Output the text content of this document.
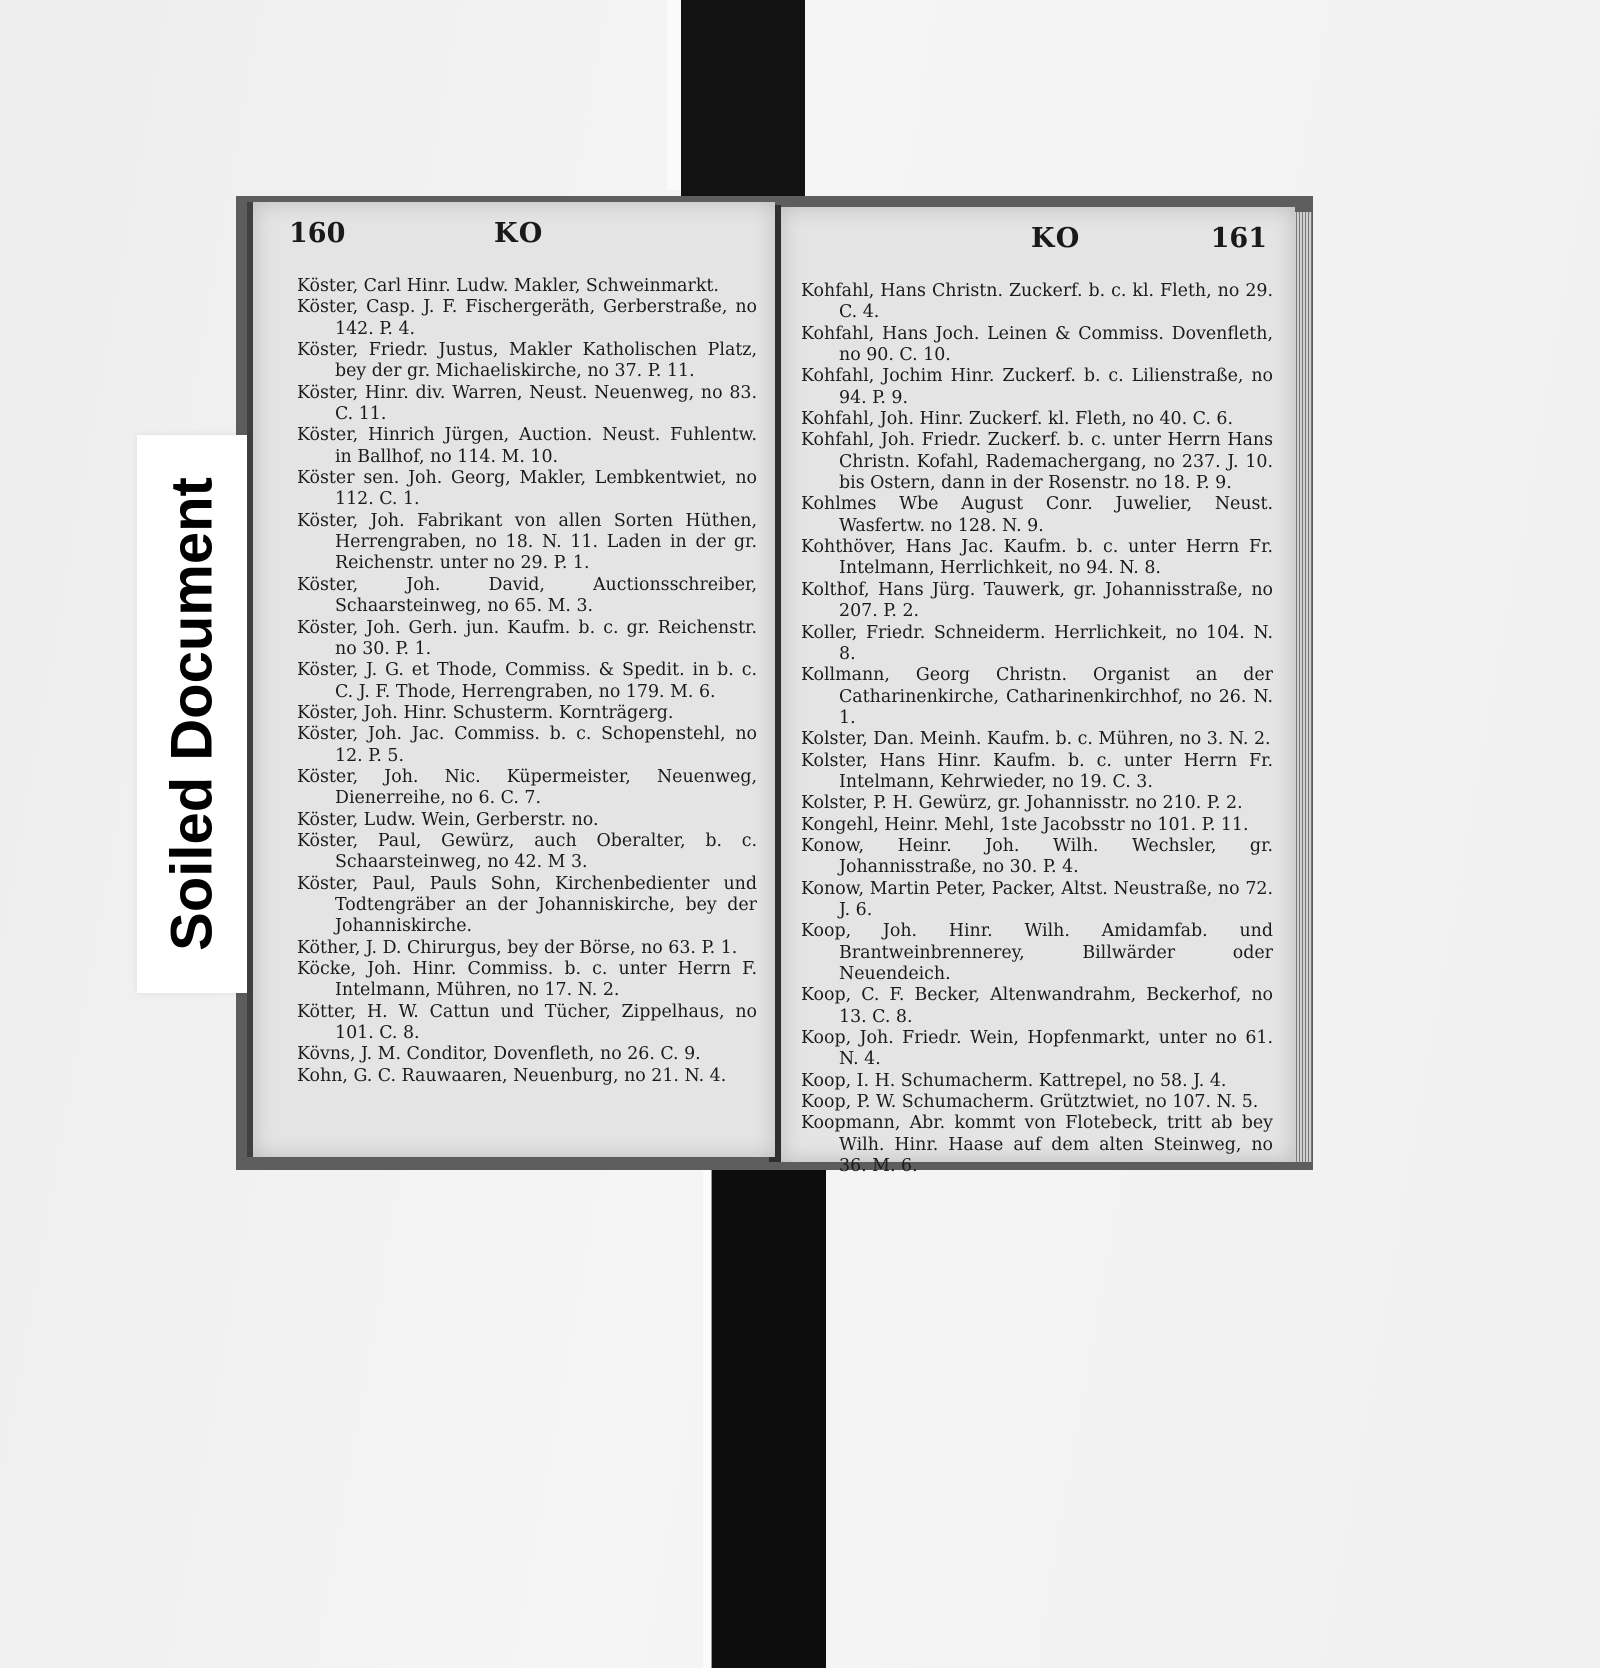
160	KO

Köster, Carl Hinr. Ludw. Makler, Schweinmarkt.

Köster, Casp. J. F. Fischergeräth, Gerberstraße, no 142. P. 4.

Köster, Friedr. Justus, Makler Katholischen Platz, bey der gr. Michaeliskirche, no 37. P. 11.

Köster, Hinr. div. Warren, Neust. Neuenweg, no 83. C. 11.

Köster, Hinrich Jürgen, Auction. Neust. Fuhlentw. in Ballhof, no 114. M. 10.

Köster sen. Joh. Georg, Makler, Lembkentwiet, no 112. C. 1.

Köster, Joh. Fabrikant von allen Sorten Hüthen, Herrengraben, no 18. N. 11. Laden in der gr. Reichenstr. unter no 29. P. 1.

Köster, Joh. David, Auctionsschreiber, Schaarsteinweg, no 65. M. 3.

Köster, Joh. Gerh. jun. Kaufm. b. c. gr. Reichenstr. no 30. P. 1.

Köster, J. G. et Thode, Commiss. & Spedit. in b. c. C. J. F. Thode, Herrengraben, no 179. M. 6.

Köster, Joh. Hinr. Schusterm. Kornträgerg.

Köster, Joh. Jac. Commiss. b. c. Schopenstehl, no 12. P. 5.

Köster, Joh. Nic. Küpermeister, Neuenweg, Dienerreihe, no 6. C. 7.

Köster, Ludw. Wein, Gerberstr. no.

Köster, Paul, Gewürz, auch Oberalter, b. c. Schaarsteinweg, no 42. M 3.

Köster, Paul, Pauls Sohn, Kirchenbedienter und Todtengräber an der Johanniskirche, bey der Johanniskirche.

Köther, J. D. Chirurgus, bey der Börse, no 63. P. 1.

Köcke, Joh. Hinr. Commiss. b. c. unter Herrn F. Intelmann, Mühren, no 17. N. 2.

Kötter, H. W. Cattun und Tücher, Zippelhaus, no 101. C. 8.

Kövns, J. M. Conditor, Dovenfleth, no 26. C. 9.

Kohn, G. C. Rauwaaren, Neuenburg, no 21. N. 4.

KO	161

Kohfahl, Hans Christn. Zuckerf. b. c. kl. Fleth, no 29. C. 4.

Kohfahl, Hans Joch. Leinen & Commiss. Dovenfleth, no 90. C. 10.

Kohfahl, Jochim Hinr. Zuckerf. b. c. Lilienstraße, no 94. P. 9.

Kohfahl, Joh. Hinr. Zuckerf. kl. Fleth, no 40. C. 6.

Kohfahl, Joh. Friedr. Zuckerf. b. c. unter Herrn Hans Christn. Kofahl, Rademachergang, no 237. J. 10. bis Ostern, dann in der Rosenstr. no 18. P. 9.

Kohlmes Wbe August Conr. Juwelier, Neust. Wasfertw. no 128. N. 9.

Kohthöver, Hans Jac. Kaufm. b. c. unter Herrn Fr. Intelmann, Herrlichkeit, no 94. N. 8.

Kolthof, Hans Jürg. Tauwerk, gr. Johannisstraße, no 207. P. 2.

Koller, Friedr. Schneiderm. Herrlichkeit, no 104. N. 8.

Kollmann, Georg Christn. Organist an der Catharinenkirche, Catharinenkirchhof, no 26. N. 1.

Kolster, Dan. Meinh. Kaufm. b. c. Mühren, no 3. N. 2.

Kolster, Hans Hinr. Kaufm. b. c. unter Herrn Fr. Intelmann, Kehrwieder, no 19. C. 3.

Kolster, P. H. Gewürz, gr. Johannisstr. no 210. P. 2.

Kongehl, Heinr. Mehl, 1ste Jacobsstr no 101. P. 11.

Konow, Heinr. Joh. Wilh. Wechsler, gr. Johannisstraße, no 30. P. 4.

Konow, Martin Peter, Packer, Altst. Neustraße, no 72. J. 6.

Koop, Joh. Hinr. Wilh. Amidamfab. und Brantweinbrennerey, Billwärder oder Neuendeich.

Koop, C. F. Becker, Altenwandrahm, Beckerhof, no 13. C. 8.

Koop, Joh. Friedr. Wein, Hopfenmarkt, unter no 61. N. 4.

Koop, I. H. Schumacherm. Kattrepel, no 58. J. 4.

Koop, P. W. Schumacherm. Grütztwiet, no 107. N. 5.

Koopmann, Abr. kommt von Flotebeck, tritt ab bey Wilh. Hinr. Haase auf dem alten Steinweg, no 36. M. 6.

Soiled Document
